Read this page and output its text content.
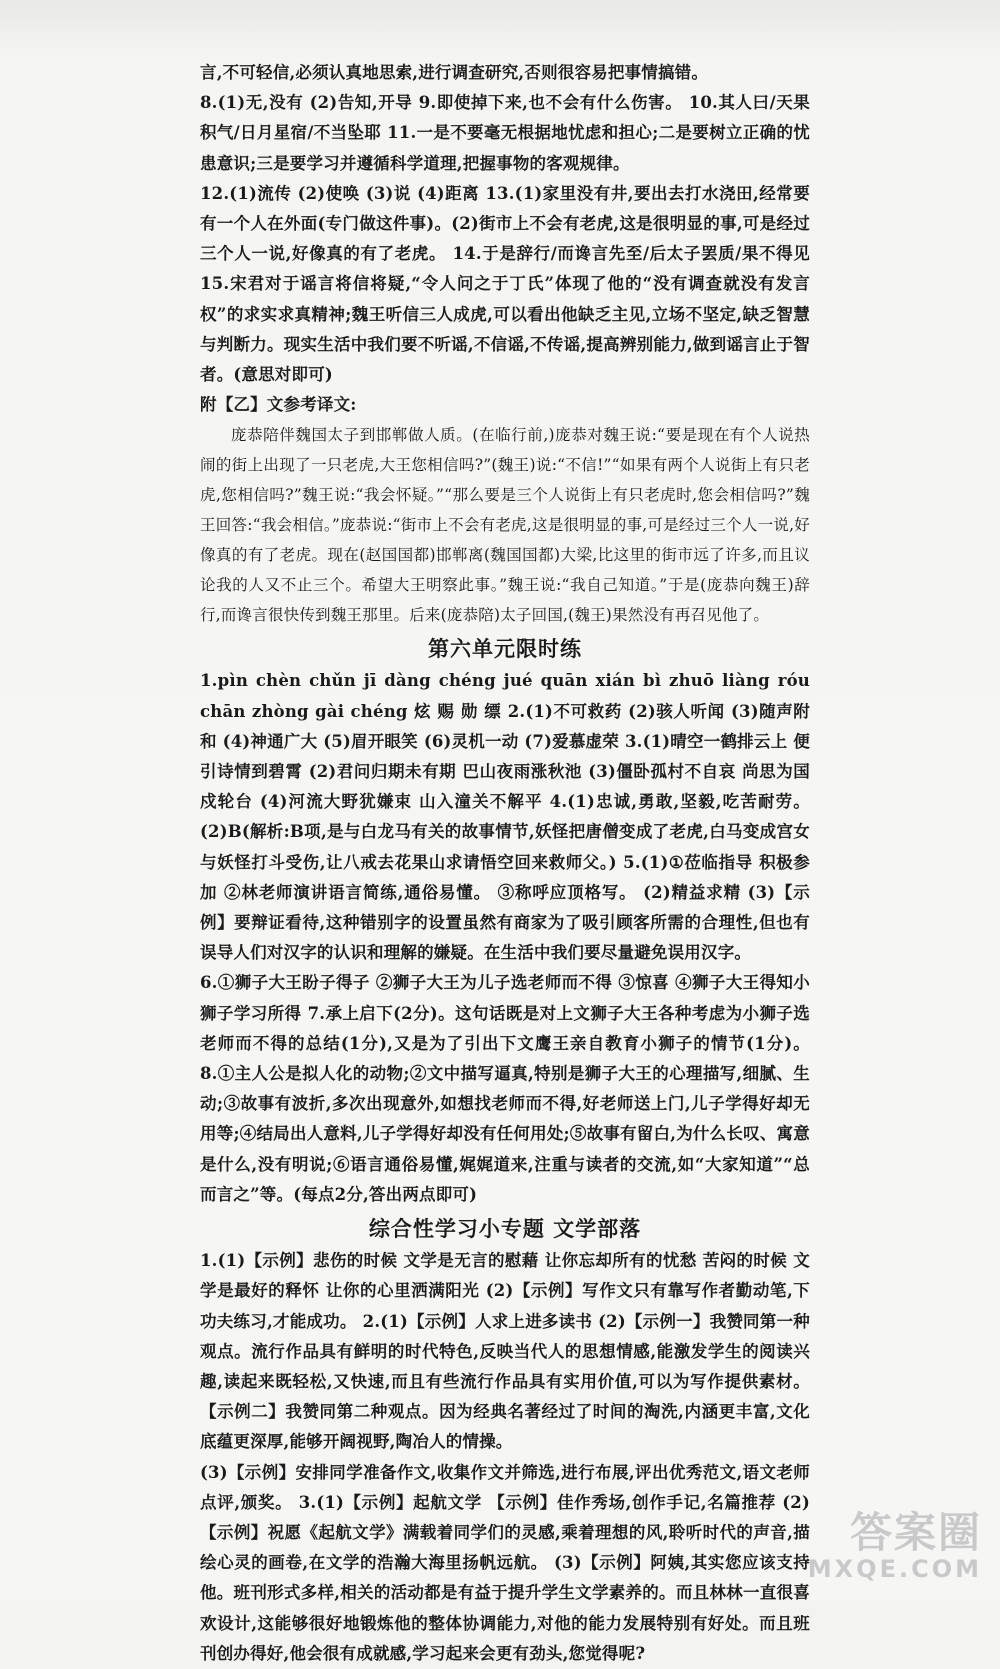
言,不可轻信,必须认真地思索,进行调查研究,否则很容易把事情搞错。

8.(1)无,没有 (2)告知,开导 9.即使掉下来,也不会有什么伤害。 10.其人曰/天果积气/日月星宿/不当坠耶 11.一是不要毫无根据地忧虑和担心;二是要树立正确的忧患意识;三是要学习并遵循科学道理,把握事物的客观规律。

12.(1)流传 (2)使唤 (3)说 (4)距离 13.(1)家里没有井,要出去打水浇田,经常要有一个人在外面(专门做这件事)。(2)街市上不会有老虎,这是很明显的事,可是经过三个人一说,好像真的有了老虎。 14.于是辞行/而谗言先至/后太子罢质/果不得见 15.宋君对于谣言将信将疑,“令人问之于丁氏”体现了他的“没有调查就没有发言权”的求实求真精神;魏王听信三人成虎,可以看出他缺乏主见,立场不坚定,缺乏智慧与判断力。现实生活中我们要不听谣,不信谣,不传谣,提高辨别能力,做到谣言止于智者。(意思对即可)

附【乙】文参考译文:

庞恭陪伴魏国太子到邯郸做人质。(在临行前,)庞恭对魏王说:“要是现在有个人说热闹的街上出现了一只老虎,大王您相信吗?”(魏王)说:“不信!”“如果有两个人说街上有只老虎,您相信吗?”魏王说:“我会怀疑。”“那么要是三个人说街上有只老虎时,您会相信吗?”魏王回答:“我会相信。”庞恭说:“街市上不会有老虎,这是很明显的事,可是经过三个人一说,好像真的有了老虎。现在(赵国国都)邯郸离(魏国国都)大梁,比这里的街市远了许多,而且议论我的人又不止三个。希望大王明察此事。”魏王说:“我自己知道。”于是(庞恭向魏王)辞行,而谗言很快传到魏王那里。后来(庞恭陪)太子回国,(魏王)果然没有再召见他了。

第六单元限时练

1.pìn chèn chǔn jī dàng chéng jué quān xián bì zhuō liàng róu chān zhòng gài chéng 炫 赐 勋 缥 2.(1)不可救药 (2)骇人听闻 (3)随声附和 (4)神通广大 (5)眉开眼笑 (6)灵机一动 (7)爱慕虚荣 3.(1)晴空一鹤排云上 便引诗情到碧霄 (2)君问归期未有期 巴山夜雨涨秋池 (3)僵卧孤村不自哀 尚思为国戍轮台 (4)河流大野犹嫌束 山入潼关不解平 4.(1)忠诚,勇敢,坚毅,吃苦耐劳。 (2)B(解析:B项,是与白龙马有关的故事情节,妖怪把唐僧变成了老虎,白马变成宫女与妖怪打斗受伤,让八戒去花果山求请悟空回来救师父。) 5.(1)①莅临指导 积极参加 ②林老师演讲语言简练,通俗易懂。 ③称呼应顶格写。 (2)精益求精 (3)【示例】要辩证看待,这种错别字的设置虽然有商家为了吸引顾客所需的合理性,但也有误导人们对汉字的认识和理解的嫌疑。在生活中我们要尽量避免误用汉字。

6.①狮子大王盼子得子 ②狮子大王为儿子选老师而不得 ③惊喜 ④狮子大王得知小狮子学习所得 7.承上启下(2分)。这句话既是对上文狮子大王各种考虑为小狮子选老师而不得的总结(1分),又是为了引出下文鹰王亲自教育小狮子的情节(1分)。 8.①主人公是拟人化的动物;②文中描写逼真,特别是狮子大王的心理描写,细腻、生动;③故事有波折,多次出现意外,如想找老师而不得,好老师送上门,儿子学得好却无用等;④结局出人意料,儿子学得好却没有任何用处;⑤故事有留白,为什么长叹、寓意是什么,没有明说;⑥语言通俗易懂,娓娓道来,注重与读者的交流,如“大家知道”“总而言之”等。(每点2分,答出两点即可)

综合性学习小专题 文学部落

1.(1)【示例】悲伤的时候 文学是无言的慰藉 让你忘却所有的忧愁 苦闷的时候 文学是最好的释怀 让你的心里洒满阳光 (2)【示例】写作文只有靠写作者勤动笔,下功夫练习,才能成功。 2.(1)【示例】人求上进多读书 (2)【示例一】我赞同第一种观点。流行作品具有鲜明的时代特色,反映当代人的思想情感,能激发学生的阅读兴趣,读起来既轻松,又快速,而且有些流行作品具有实用价值,可以为写作提供素材。【示例二】我赞同第二种观点。因为经典名著经过了时间的淘洗,内涵更丰富,文化底蕴更深厚,能够开阔视野,陶冶人的情操。

(3)【示例】安排同学准备作文,收集作文并筛选,进行布展,评出优秀范文,语文老师点评,颁奖。 3.(1)【示例】起航文学 【示例】佳作秀场,创作手记,名篇推荐 (2)【示例】祝愿《起航文学》满载着同学们的灵感,乘着理想的风,聆听时代的声音,描绘心灵的画卷,在文学的浩瀚大海里扬帆远航。 (3)【示例】阿姨,其实您应该支持他。班刊形式多样,相关的活动都是有益于提升学生文学素养的。而且林林一直很喜欢设计,这能够很好地锻炼他的整体协调能力,对他的能力发展特别有好处。而且班刊创办得好,他会很有成就感,学习起来会更有劲头,您觉得呢?

答案圈
MXQE.COM
